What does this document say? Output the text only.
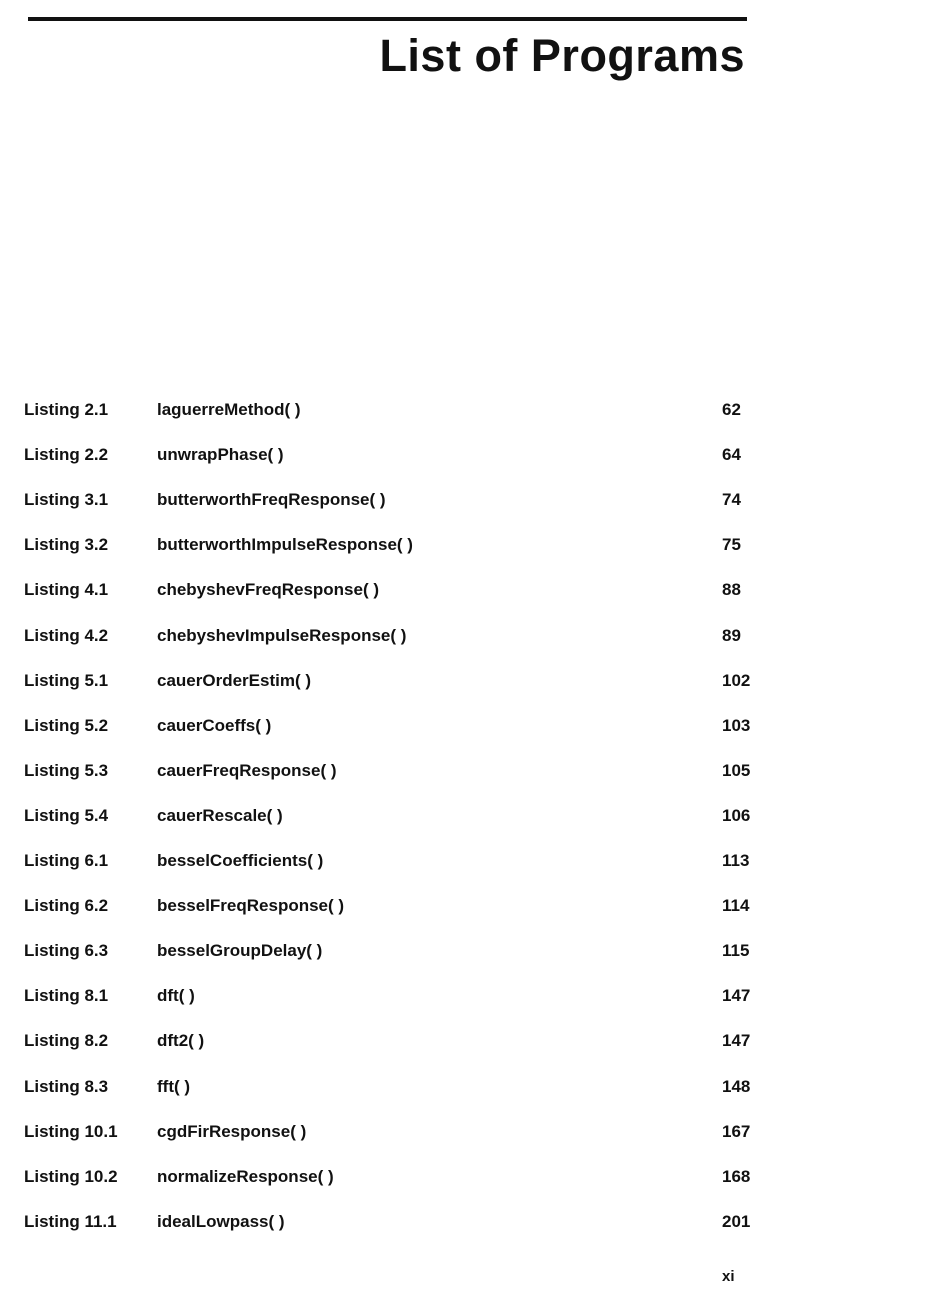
List of Programs
Listing 2.1	laguerreMethod( )	62
Listing 2.2	unwrapPhase( )	64
Listing 3.1	butterworthFreqResponse( )	74
Listing 3.2	butterworthImpulseResponse( )	75
Listing 4.1	chebyshevFreqResponse( )	88
Listing 4.2	chebyshevImpulseResponse( )	89
Listing 5.1	cauerOrderEstim( )	102
Listing 5.2	cauerCoeffs( )	103
Listing 5.3	cauerFreqResponse( )	105
Listing 5.4	cauerRescale( )	106
Listing 6.1	besselCoefficients( )	113
Listing 6.2	besselFreqResponse( )	114
Listing 6.3	besselGroupDelay( )	115
Listing 8.1	dft( )	147
Listing 8.2	dft2( )	147
Listing 8.3	fft( )	148
Listing 10.1 cgdFirResponse( )	167
Listing 10.2 normalizeResponse( )	168
Listing 11.1 idealLowpass( )	201
xi
